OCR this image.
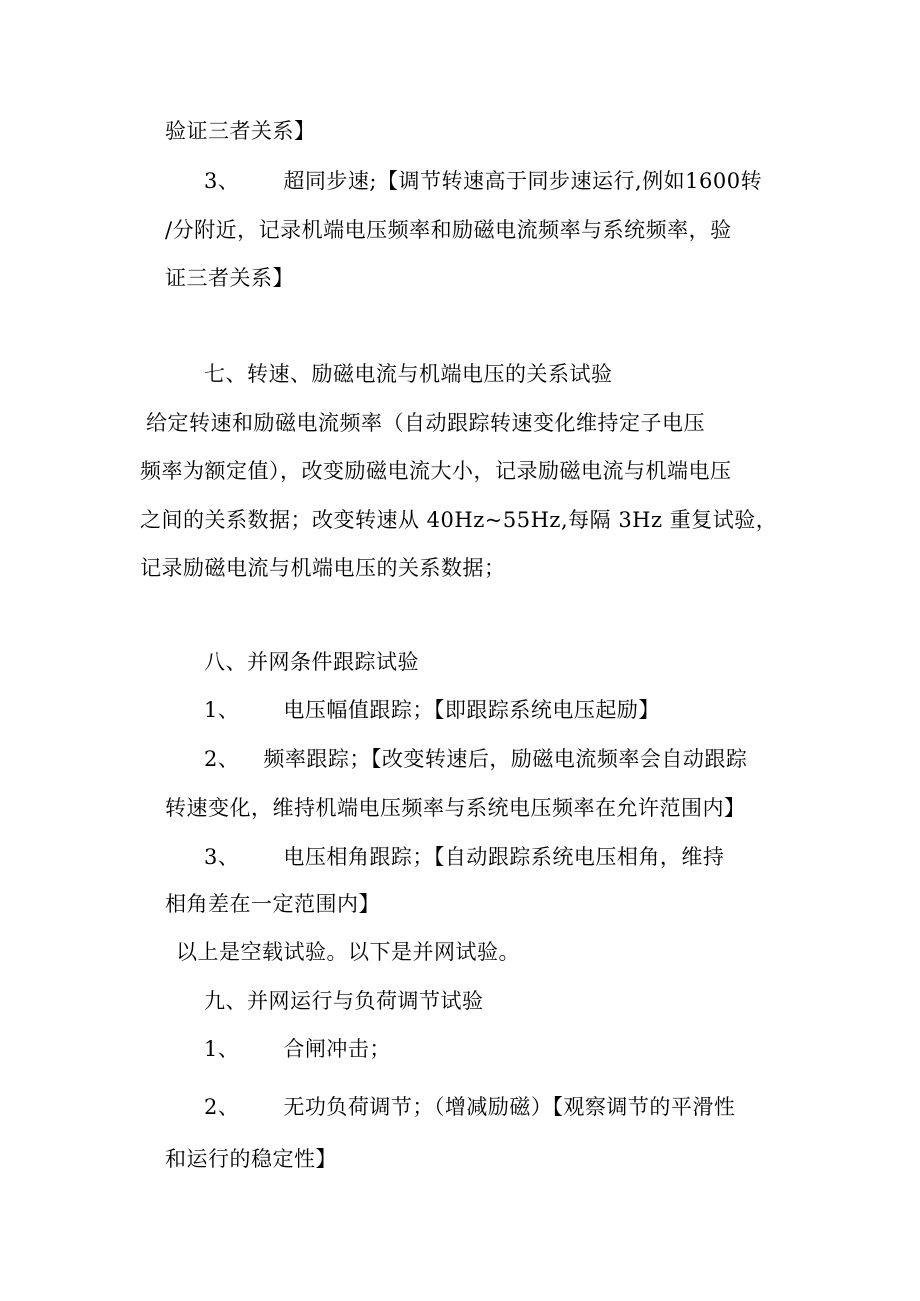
验证三者关系】
3、 超同步速;【调节转速高于同步速运行,例如1600转
/分附近，记录机端电压频率和励磁电流频率与系统频率，验
证三者关系】
七、转速、励磁电流与机端电压的关系试验
给定转速和励磁电流频率（自动跟踪转速变化维持定子电压
频率为额定值），改变励磁电流大小，记录励磁电流与机端电压
之间的关系数据；改变转速从 40Hz~55Hz,每隔 3Hz 重复试验，
记录励磁电流与机端电压的关系数据；
八、并网条件跟踪试验
1、 电压幅值跟踪；【即跟踪系统电压起励】
2、 频率跟踪；【改变转速后，励磁电流频率会自动跟踪
转速变化，维持机端电压频率与系统电压频率在允许范围内】
3、 电压相角跟踪；【自动跟踪系统电压相角，维持
相角差在一定范围内】
以上是空载试验。以下是并网试验。
九、并网运行与负荷调节试验
1、 合闸冲击；
2、 无功负荷调节；（增减励磁）【观察调节的平滑性
和运行的稳定性】
